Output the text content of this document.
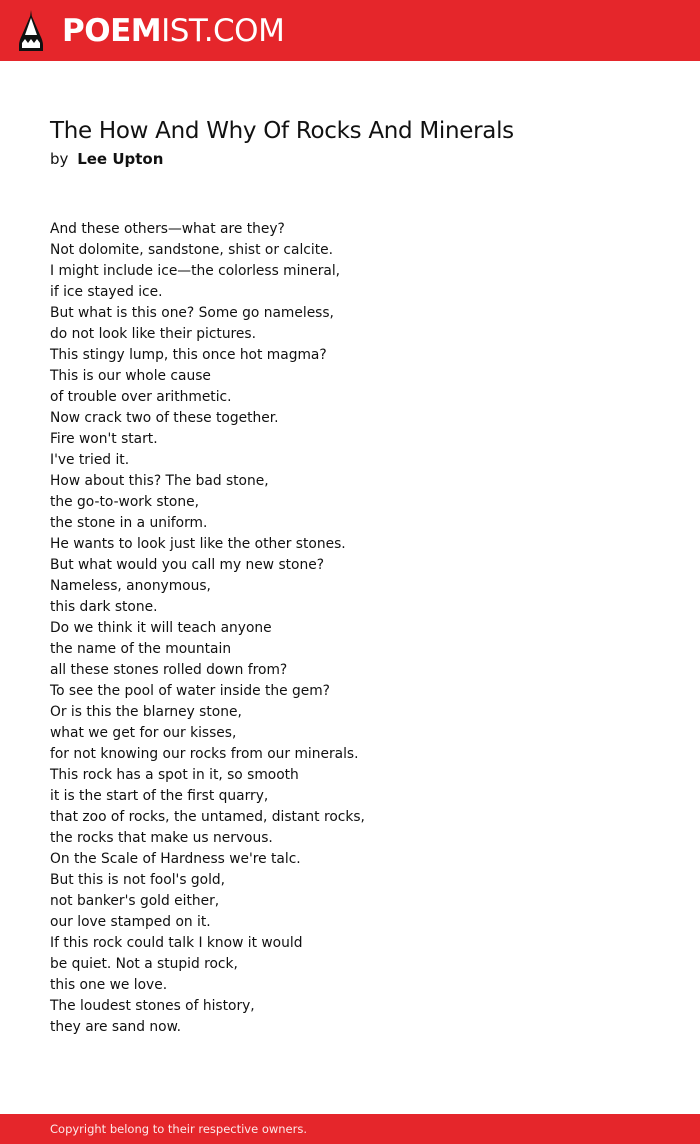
POEMIST.COM
The How And Why Of Rocks And Minerals
by Lee Upton
And these others—what are they?
Not dolomite, sandstone, shist or calcite.
I might include ice—the colorless mineral,
if ice stayed ice.
But what is this one? Some go nameless,
do not look like their pictures.
This stingy lump, this once hot magma?
This is our whole cause
of trouble over arithmetic.
Now crack two of these together.
Fire won't start.
I've tried it.
How about this? The bad stone,
the go-to-work stone,
the stone in a uniform.
He wants to look just like the other stones.
But what would you call my new stone?
Nameless, anonymous,
this dark stone.
Do we think it will teach anyone
the name of the mountain
all these stones rolled down from?
To see the pool of water inside the gem?
Or is this the blarney stone,
what we get for our kisses,
for not knowing our rocks from our minerals.
This rock has a spot in it, so smooth
it is the start of the first quarry,
that zoo of rocks, the untamed, distant rocks,
the rocks that make us nervous.
On the Scale of Hardness we're talc.
But this is not fool's gold,
not banker's gold either,
our love stamped on it.
If this rock could talk I know it would
be quiet. Not a stupid rock,
this one we love.
The loudest stones of history,
they are sand now.
Copyright belong to their respective owners.
